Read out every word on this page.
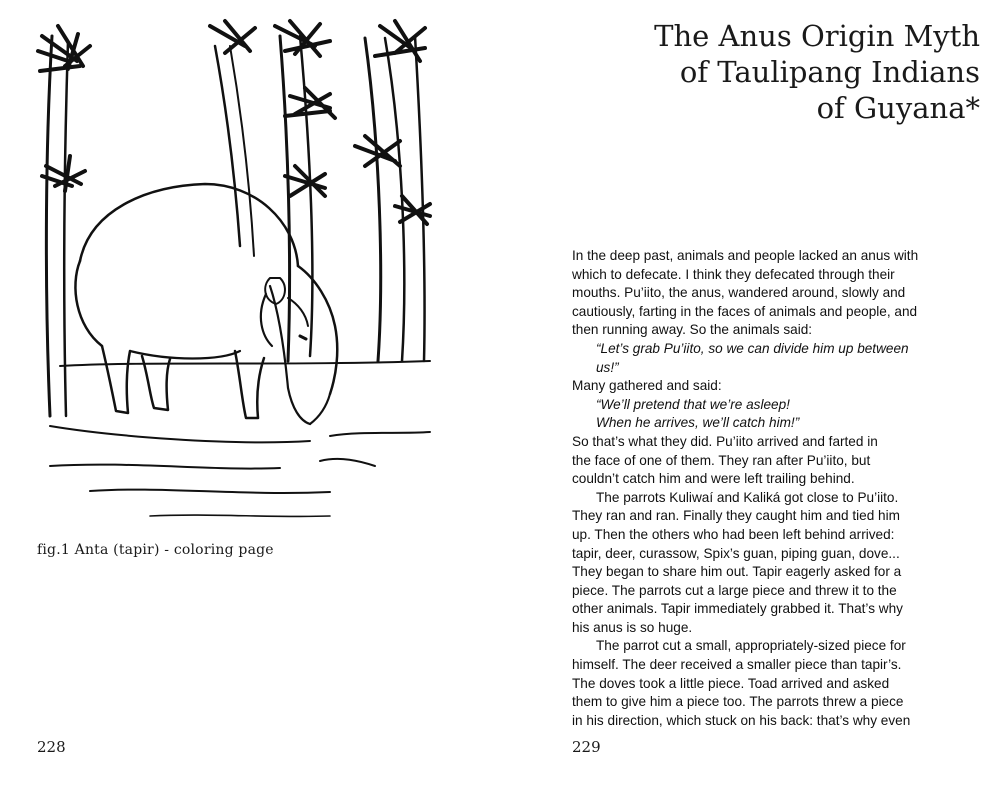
fig.1 Anta (tapir) - coloring page
228
The Anus Origin Myth
of Taulipang Indians
of Guyana*
In the deep past, animals and people lacked an anus with
which to defecate. I think they defecated through their
mouths. Pu’iito, the anus, wandered around, slowly and
cautiously, farting in the faces of animals and people, and
then running away. So the animals said:
“Let’s grab Pu’iito, so we can divide him up between
us!”
Many gathered and said:
“We’ll pretend that we’re asleep!
When he arrives, we’ll catch him!”
So that’s what they did. Pu’iito arrived and farted in
the face of one of them. They ran after Pu’iito, but
couldn’t catch him and were left trailing behind.
The parrots Kuliwaí and Kaliká got close to Pu’iito.
They ran and ran. Finally they caught him and tied him
up. Then the others who had been left behind arrived:
tapir, deer, curassow, Spix’s guan, piping guan, dove...
They began to share him out. Tapir eagerly asked for a
piece. The parrots cut a large piece and threw it to the
other animals. Tapir immediately grabbed it. That’s why
his anus is so huge.
The parrot cut a small, appropriately-sized piece for
himself. The deer received a smaller piece than tapir’s.
The doves took a little piece. Toad arrived and asked
them to give him a piece too. The parrots threw a piece
in his direction, which stuck on his back: that’s why even
229
